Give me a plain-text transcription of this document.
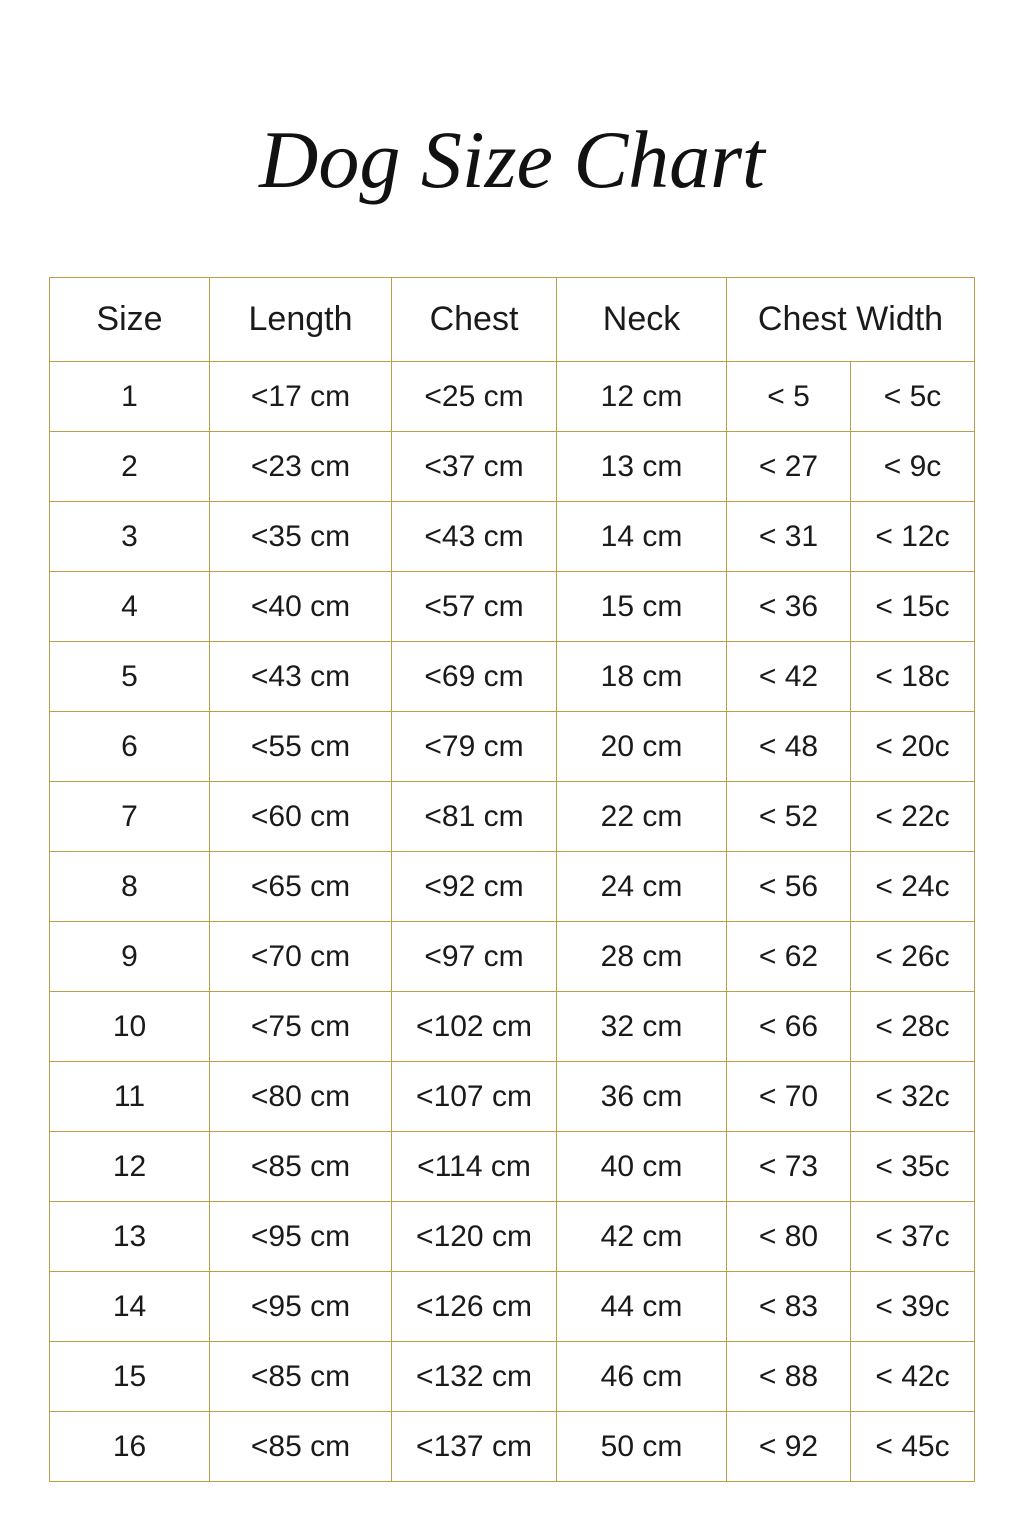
Dog Size Chart
Size	Length	Chest	Neck	Chest Width	
1	<17 cm	<25 cm	12 cm	< 5	< 5c
2	<23 cm	<37 cm	13 cm	< 27	< 9c
3	<35 cm	<43 cm	14 cm	< 31	< 12c
4	<40 cm	<57 cm	15 cm	< 36	< 15c
5	<43 cm	<69 cm	18 cm	< 42	< 18c
6	<55 cm	<79 cm	20 cm	< 48	< 20c
7	<60 cm	<81 cm	22 cm	< 52	< 22c
8	<65 cm	<92 cm	24 cm	< 56	< 24c
9	<70 cm	<97 cm	28 cm	< 62	< 26c
10	<75 cm	<102 cm	32 cm	< 66	< 28c
11	<80 cm	<107 cm	36 cm	< 70	< 32c
12	<85 cm	<114 cm	40 cm	< 73	< 35c
13	<95 cm	<120 cm	42 cm	< 80	< 37c
14	<95 cm	<126 cm	44 cm	< 83	< 39c
15	<85 cm	<132 cm	46 cm	< 88	< 42c
16	<85 cm	<137 cm	50 cm	< 92	< 45c
